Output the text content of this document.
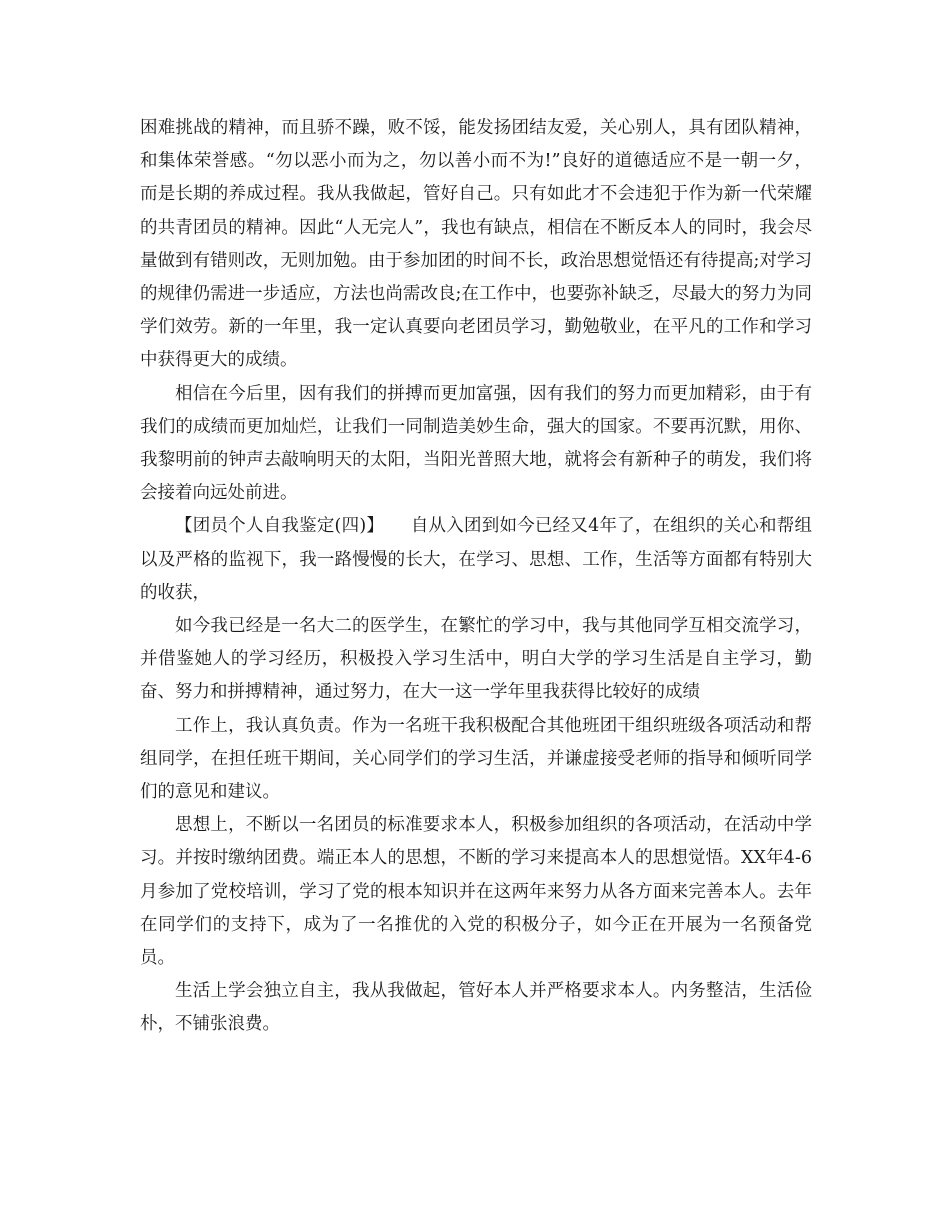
困难挑战的精神，而且骄不躁，败不馁，能发扬团结友爱，关心别人，具有团队精神，和集体荣誉感。“勿以恶小而为之，勿以善小而不为!”良好的道德适应不是一朝一夕，而是长期的养成过程。我从我做起，管好自己。只有如此才不会违犯于作为新一代荣耀的共青团员的精神。因此“人无完人”，我也有缺点，相信在不断反本人的同时，我会尽量做到有错则改，无则加勉。由于参加团的时间不长，政治思想觉悟还有待提高;对学习的规律仍需进一步适应，方法也尚需改良;在工作中，也要弥补缺乏，尽最大的努力为同学们效劳。新的一年里，我一定认真要向老团员学习，勤勉敬业，在平凡的工作和学习中获得更大的成绩。

相信在今后里，因有我们的拼搏而更加富强，因有我们的努力而更加精彩，由于有我们的成绩而更加灿烂，让我们一同制造美妙生命，强大的国家。不要再沉默，用你、我黎明前的钟声去敲响明天的太阳，当阳光普照大地，就将会有新种子的萌发，我们将会接着向远处前进。

【团员个人自我鉴定(四)】　　自从入团到如今已经又4年了，在组织的关心和帮组以及严格的监视下，我一路慢慢的长大，在学习、思想、工作，生活等方面都有特别大的收获，

如今我已经是一名大二的医学生，在繁忙的学习中，我与其他同学互相交流学习，并借鉴她人的学习经历，积极投入学习生活中，明白大学的学习生活是自主学习，勤奋、努力和拼搏精神，通过努力，在大一这一学年里我获得比较好的成绩

工作上，我认真负责。作为一名班干我积极配合其他班团干组织班级各项活动和帮组同学，在担任班干期间，关心同学们的学习生活，并谦虚接受老师的指导和倾听同学们的意见和建议。

思想上，不断以一名团员的标准要求本人，积极参加组织的各项活动，在活动中学习。并按时缴纳团费。端正本人的思想，不断的学习来提高本人的思想觉悟。XX年4-6月参加了党校培训，学习了党的根本知识并在这两年来努力从各方面来完善本人。去年在同学们的支持下，成为了一名推优的入党的积极分子，如今正在开展为一名预备党员。

生活上学会独立自主，我从我做起，管好本人并严格要求本人。内务整洁，生活俭朴，不铺张浪费。
